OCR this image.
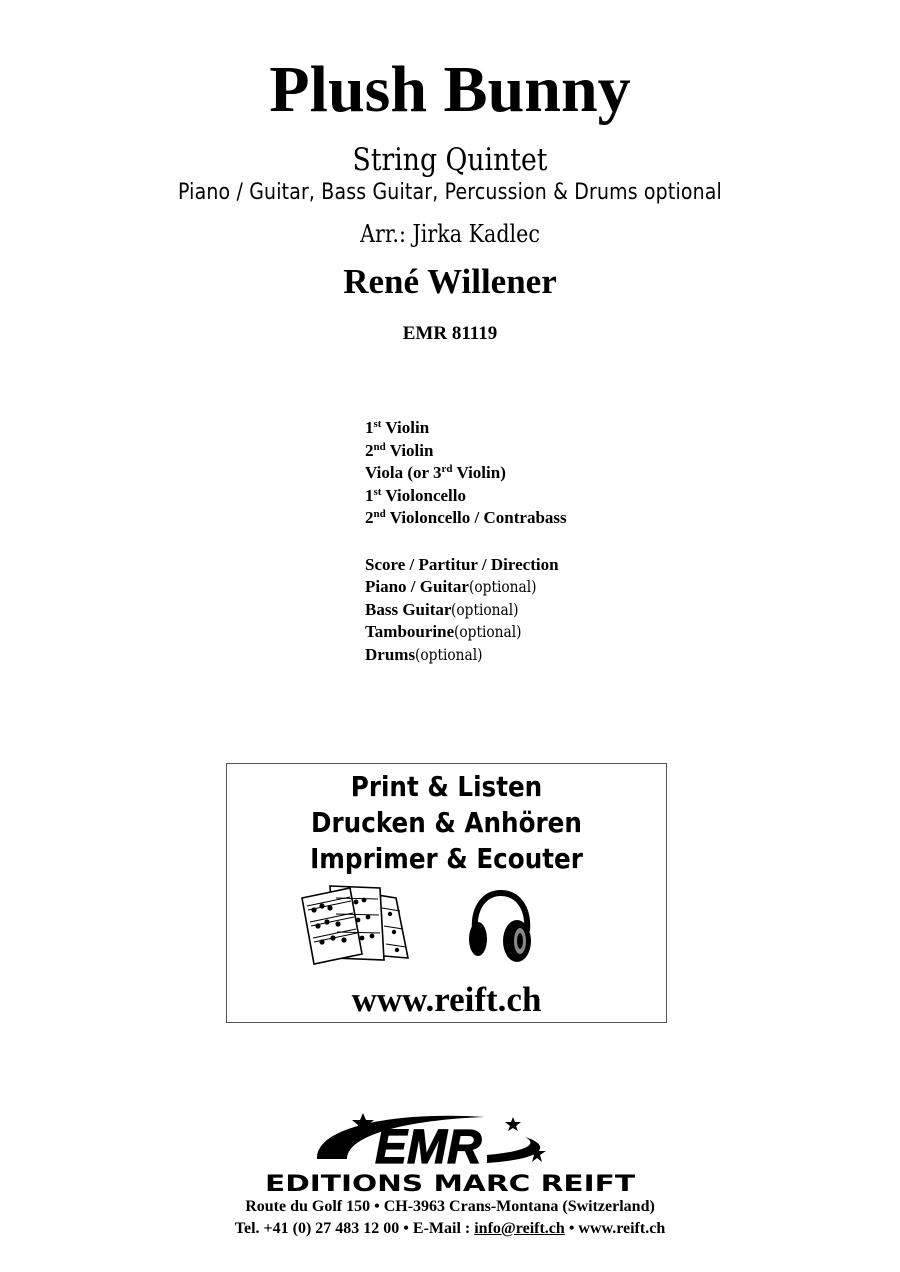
Plush Bunny
String Quintet
Piano / Guitar, Bass Guitar, Percussion & Drums optional
Arr.: Jirka Kadlec
René Willener
EMR 81119
1st Violin
2nd Violin
Viola (or 3rd Violin)
1st Violoncello
2nd Violoncello / Contrabass
Score / Partitur / Direction
Piano / Guitar(optional)
Bass Guitar(optional)
Tambourine(optional)
Drums(optional)
Print & Listen
Drucken & Anhören
Imprimer & Ecouter
www.reift.ch
EMR
EDITIONS MARC REIFT
Route du Golf 150 • CH-3963 Crans-Montana (Switzerland)
Tel. +41 (0) 27 483 12 00 • E-Mail : info@reift.ch • www.reift.ch
